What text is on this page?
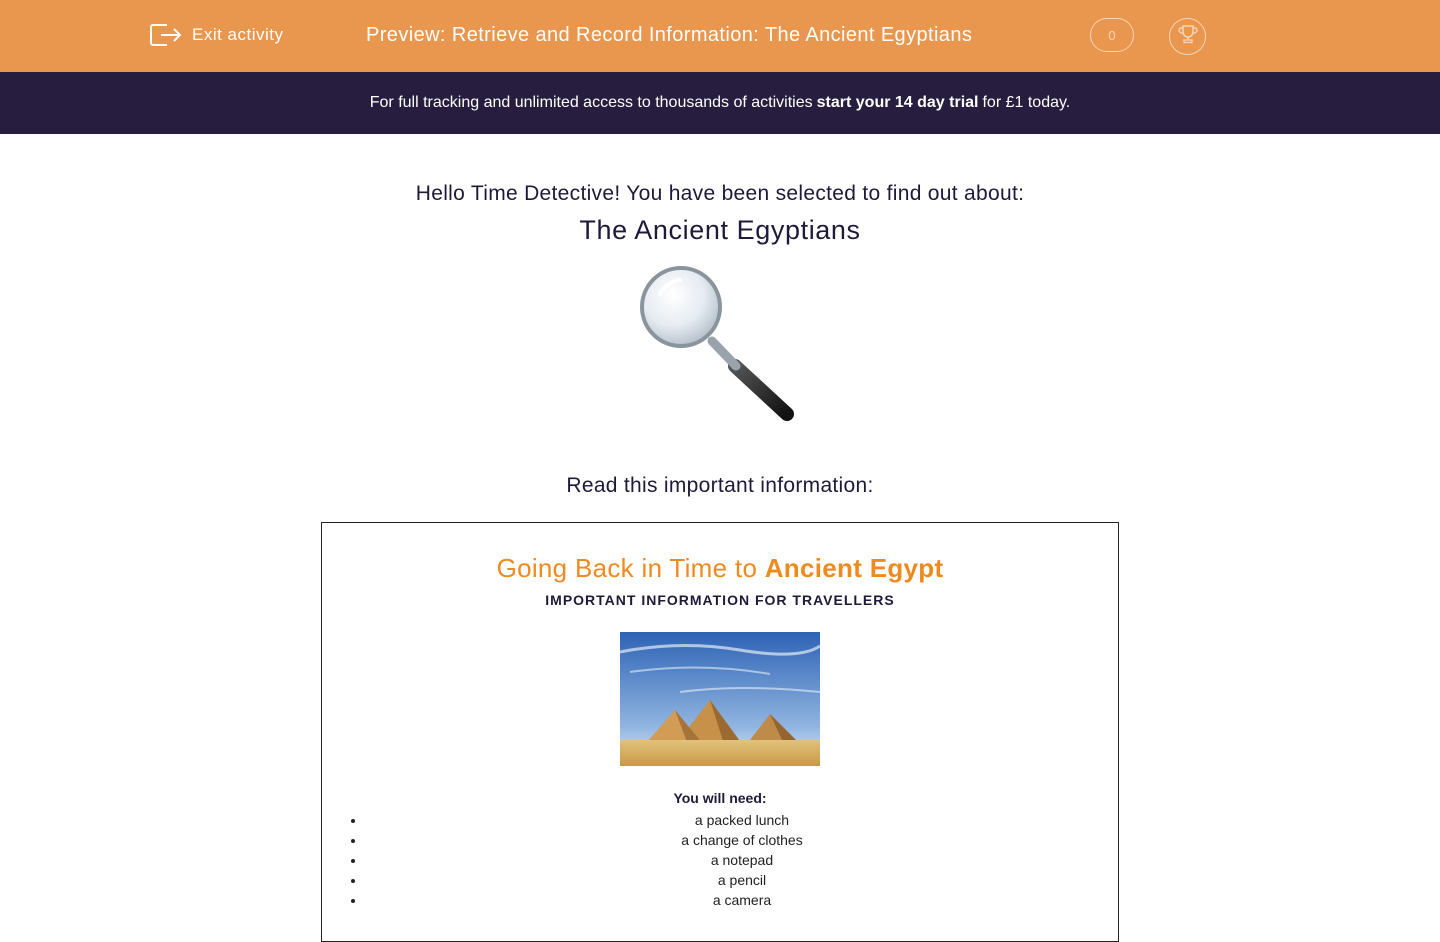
Exit activity	Preview: Retrieve and Record Information: The Ancient Egyptians	0
For full tracking and unlimited access to thousands of activities start your 14 day trial for £1 today.
Hello Time Detective! You have been selected to find out about:
The Ancient Egyptians
Read this important information:
Going Back in Time to Ancient Egypt
IMPORTANT INFORMATION FOR TRAVELLERS
You will need:
• a packed lunch
• a change of clothes
• a notepad
• a pencil
• a camera
